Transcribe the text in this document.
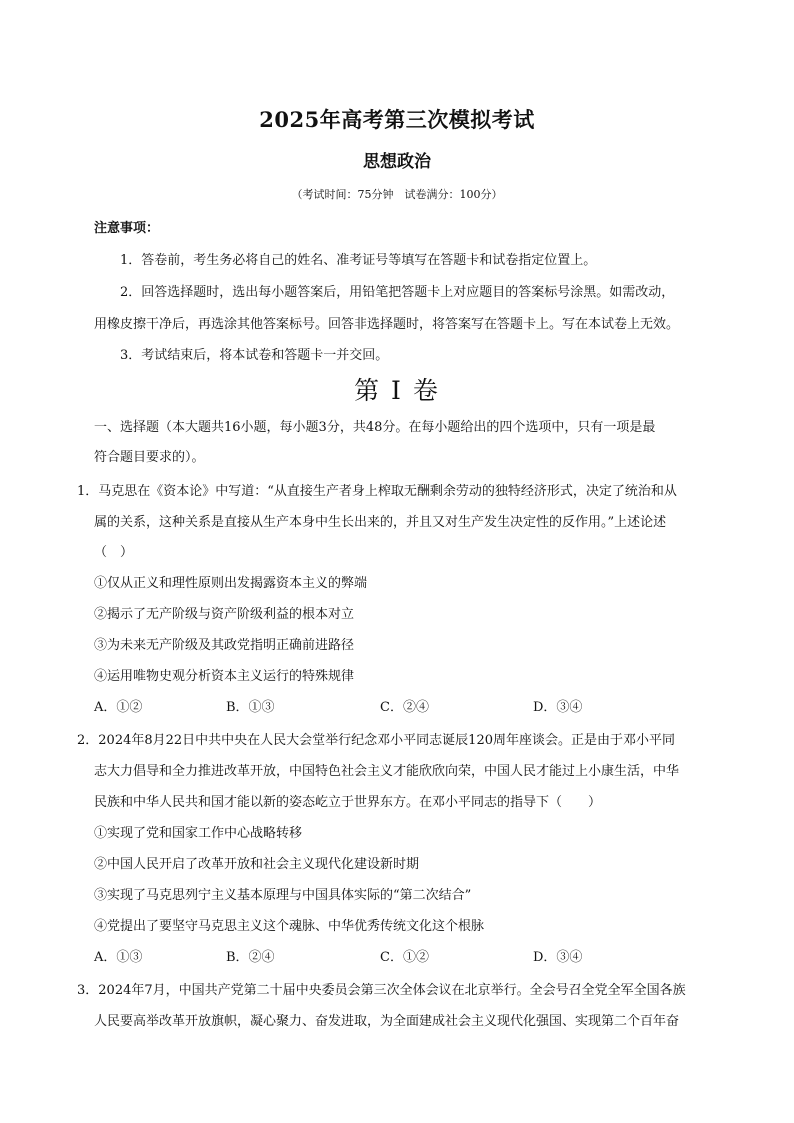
2025年高考第三次模拟考试
思想政治
（考试时间：75分钟　试卷满分：100分）
注意事项：
1．答卷前，考生务必将自己的姓名、准考证号等填写在答题卡和试卷指定位置上。
2．回答选择题时，选出每小题答案后，用铅笔把答题卡上对应题目的答案标号涂黑。如需改动，
用橡皮擦干净后，再选涂其他答案标号。回答非选择题时，将答案写在答题卡上。写在本试卷上无效。
3．考试结束后，将本试卷和答题卡一并交回。
第 I 卷
一、选择题（本大题共16小题，每小题3分，共48分。在每小题给出的四个选项中，只有一项是最
符合题目要求的）。
1．马克思在《资本论》中写道：“从直接生产者身上榨取无酬剩余劳动的独特经济形式，决定了统治和从
属的关系，这种关系是直接从生产本身中生长出来的，并且又对生产发生决定性的反作用。”上述论述
（　）
①仅从正义和理性原则出发揭露资本主义的弊端
②揭示了无产阶级与资产阶级利益的根本对立
③为未来无产阶级及其政党指明正确前进路径
④运用唯物史观分析资本主义运行的特殊规律
A．①②	B．①③	C．②④	D．③④
2．2024年8月22日中共中央在人民大会堂举行纪念邓小平同志诞辰120周年座谈会。正是由于邓小平同
志大力倡导和全力推进改革开放，中国特色社会主义才能欣欣向荣，中国人民才能过上小康生活，中华
民族和中华人民共和国才能以新的姿态屹立于世界东方。在邓小平同志的指导下（　　）
①实现了党和国家工作中心战略转移
②中国人民开启了改革开放和社会主义现代化建设新时期
③实现了马克思列宁主义基本原理与中国具体实际的“第二次结合”
④党提出了要坚守马克思主义这个魂脉、中华优秀传统文化这个根脉
A．①③	B．②④	C．①②	D．③④
3．2024年7月，中国共产党第二十届中央委员会第三次全体会议在北京举行。全会号召全党全军全国各族
人民要高举改革开放旗帜，凝心聚力、奋发进取，为全面建成社会主义现代化强国、实现第二个百年奋
